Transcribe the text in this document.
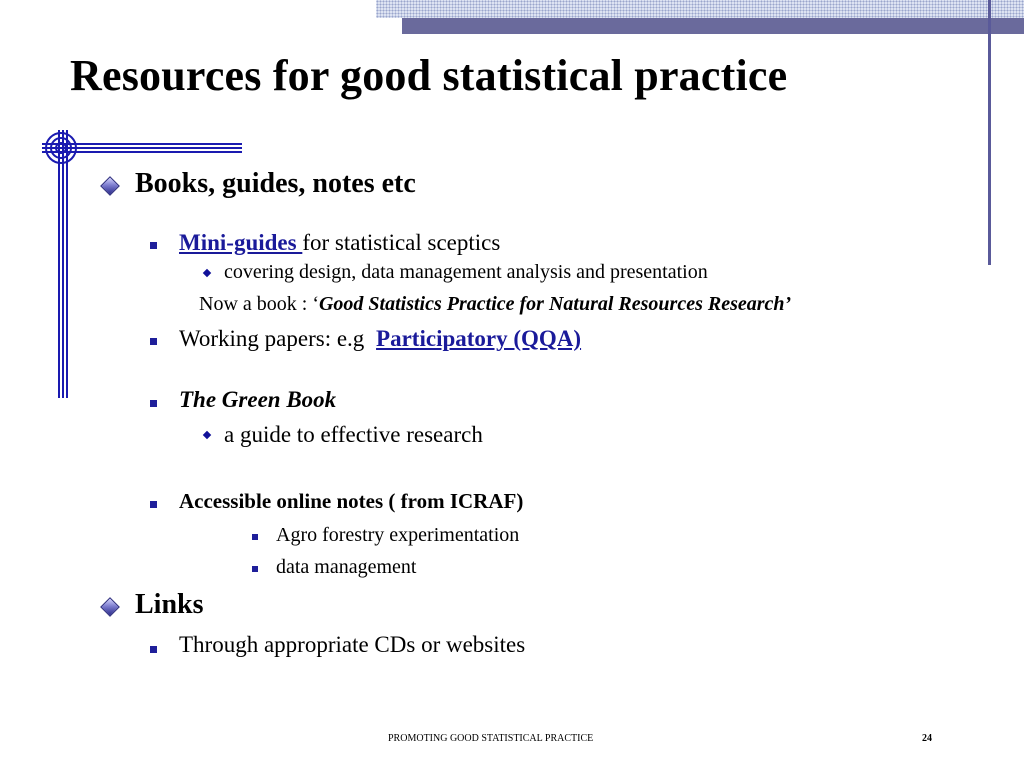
Resources for good statistical practice
Books, guides, notes etc
Mini-guides for statistical sceptics
covering design, data management analysis and presentation
Now a book : ‘Good Statistics Practice for Natural Resources Research’
Working papers: e.g Participatory (QQA)
The Green Book
a guide to effective research
Accessible online notes ( from ICRAF)
Agro forestry experimentation
data management
Links
Through appropriate CDs or websites
PROMOTING GOOD STATISTICAL PRACTICE	24
